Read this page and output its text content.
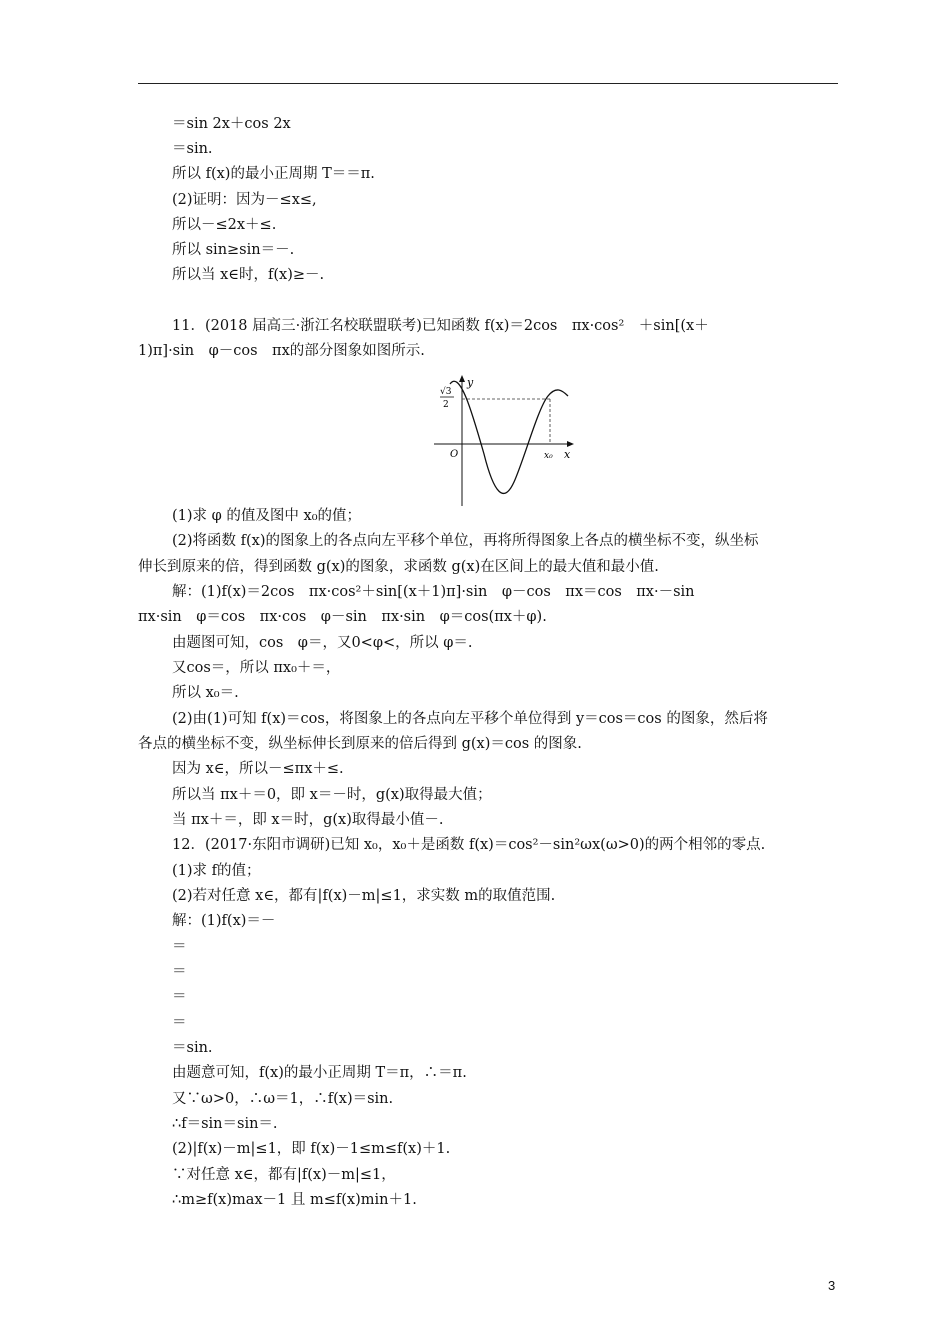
＝sin 2x＋cos 2x
＝sin.
所以 f(x)的最小正周期 T＝＝π.
(2)证明：因为－≤x≤,
所以－≤2x＋≤.
所以 sin≥sin＝－.
所以当 x∈时，f(x)≥－.
11．(2018 届高三·浙江名校联盟联考)已知函数 f(x)＝2cos　πx·cos²　＋sin[(x＋
1)π]·sin　φ－cos　πx的部分图象如图所示.
(1)求 φ 的值及图中 x₀的值；
(2)将函数 f(x)的图象上的各点向左平移个单位，再将所得图象上各点的横坐标不变，纵坐标
伸长到原来的倍，得到函数 g(x)的图象，求函数 g(x)在区间上的最大值和最小值.
解：(1)f(x)＝2cos　πx·cos²＋sin[(x＋1)π]·sin　φ－cos　πx＝cos　πx·－sin
πx·sin　φ＝cos　πx·cos　φ－sin　πx·sin　φ＝cos(πx＋φ).
由题图可知，cos　φ＝，又0<φ<，所以 φ＝.
又cos＝，所以 πx₀＋＝，
所以 x₀＝.
(2)由(1)可知 f(x)＝cos，将图象上的各点向左平移个单位得到 y＝cos＝cos 的图象，然后将
各点的横坐标不变，纵坐标伸长到原来的倍后得到 g(x)＝cos 的图象.
因为 x∈，所以－≤πx＋≤.
所以当 πx＋＝0，即 x＝－时，g(x)取得最大值；
当 πx＋＝，即 x＝时，g(x)取得最小值－.
12．(2017·东阳市调研)已知 x₀，x₀＋是函数 f(x)＝cos²－sin²ωx(ω>0)的两个相邻的零点.
(1)求 f的值；
(2)若对任意 x∈，都有|f(x)－m|≤1，求实数 m的取值范围.
解：(1)f(x)＝－
＝
＝
＝
＝
＝sin.
由题意可知，f(x)的最小正周期 T＝π，∴＝π.
又∵ω>0，∴ω＝1，∴f(x)＝sin.
∴f＝sin＝sin＝.
(2)|f(x)－m|≤1，即 f(x)－1≤m≤f(x)＋1.
∵对任意 x∈，都有|f(x)－m|≤1，
∴m≥f(x)max－1 且 m≤f(x)min＋1.
y
x
O	x₀
√3
2
3
